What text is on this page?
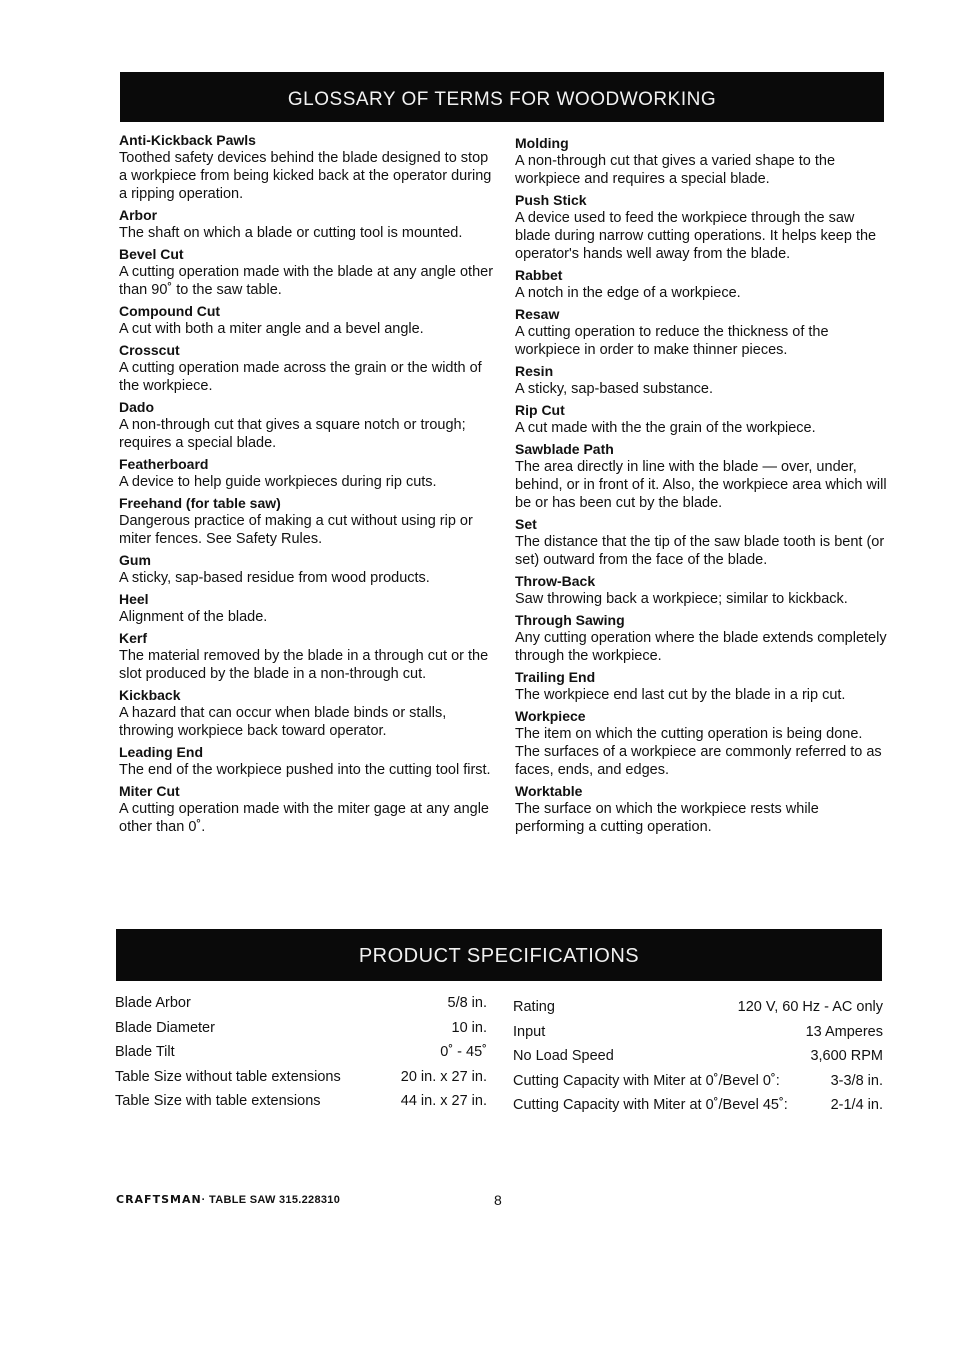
GLOSSARY OF TERMS FOR WOODWORKING
Anti-Kickback Pawls
Toothed safety devices behind the blade designed to stop a workpiece from being kicked back at the operator during a ripping operation.
Arbor
The shaft on which a blade or cutting tool is mounted.
Bevel Cut
A cutting operation made with the blade at any angle other than 90˚ to the saw table.
Compound Cut
A cut with both a miter angle and a bevel angle.
Crosscut
A cutting operation made across the grain or the width of the workpiece.
Dado
A non-through cut that gives a square notch or trough; requires a special blade.
Featherboard
A device to help guide workpieces during rip cuts.
Freehand (for table saw)
Dangerous practice of making a cut without using rip or miter fences. See Safety Rules.
Gum
A sticky, sap-based residue from wood products.
Heel
Alignment of the blade.
Kerf
The material removed by the blade in a through cut or the slot produced by the blade in a non-through cut.
Kickback
A hazard that can occur when blade binds or stalls, throwing workpiece back toward operator.
Leading End
The end of the workpiece pushed into the cutting tool first.
Miter Cut
A cutting operation made with the miter gage at any angle other than 0˚.
Molding
A non-through cut that gives a varied shape to the workpiece and requires a special blade.
Push Stick
A device used to feed the workpiece through the saw blade during narrow cutting operations. It helps keep the operator's hands well away from the blade.
Rabbet
A notch in the edge of a workpiece.
Resaw
A cutting operation to reduce the thickness of the workpiece in order to make thinner pieces.
Resin
A sticky, sap-based substance.
Rip Cut
A cut made with the the grain of the workpiece.
Sawblade Path
The area directly in line with the blade — over, under, behind, or in front of it. Also, the workpiece area which will be or has been cut by the blade.
Set
The distance that the tip of the saw blade tooth is bent (or set) outward from the face of the blade.
Throw-Back
Saw throwing back a workpiece; similar to kickback.
Through Sawing
Any cutting operation where the blade extends completely through the workpiece.
Trailing End
The workpiece end last cut by the blade in a rip cut.
Workpiece
The item on which the cutting operation is being done. The surfaces of a workpiece are commonly referred to as faces, ends, and edges.
Worktable
The surface on which the workpiece rests while performing a cutting operation.
PRODUCT SPECIFICATIONS
Blade Arbor	5/8 in.
Blade Diameter	10 in.
Blade Tilt	0˚ - 45˚
Table Size without table extensions	20 in. x 27 in.
Table Size with table extensions	44 in. x 27 in.
Rating	120 V, 60 Hz - AC only
Input	13 Amperes
No Load Speed	3,600 RPM
Cutting Capacity with Miter at 0˚/Bevel 0˚:	3-3/8 in.
Cutting Capacity with Miter at 0˚/Bevel 45˚:	2-1/4 in.
CRAFTSMAN· TABLE SAW 315.228310	8
